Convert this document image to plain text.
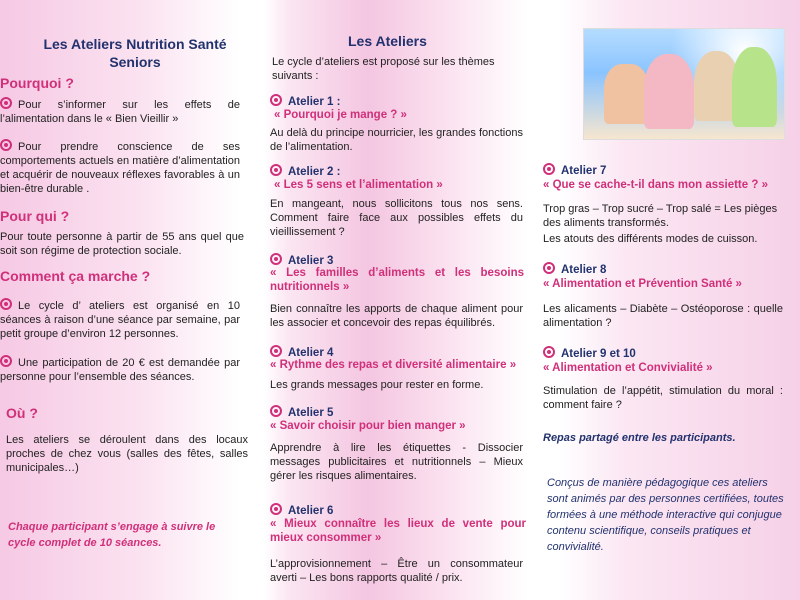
Les Ateliers Nutrition Santé
Seniors
Pourquoi ?
Pour s’informer sur les effets de l’alimentation dans le « Bien Vieillir »
Pour prendre conscience de ses comportements actuels en matière d’alimentation et acquérir de nouveaux réflexes favorables à un bien-être durable .
Pour qui ?
Pour toute personne à partir de 55 ans quel que soit son régime de protection sociale.
Comment ça marche ?
Le cycle d’ ateliers est organisé en 10 séances à raison d’une séance par semaine, par petit groupe d’environ 12 personnes.
Une participation de 20 € est demandée par personne pour l’ensemble des séances.
Où ?
Les ateliers se déroulent dans des locaux proches de chez vous (salles des fêtes, salles municipales…)
Chaque participant s’engage à suivre le cycle complet de 10 séances.
Les Ateliers
Le cycle d’ateliers est proposé sur les thèmes suivants :
Atelier 1 :
« Pourquoi je mange ? »
Au delà du principe nourricier, les grandes fonctions de l’alimentation.
Atelier 2 :
« Les 5 sens et l’alimentation »
En mangeant, nous sollicitons tous nos sens. Comment faire face aux possibles effets du vieillissement ?
Atelier 3
« Les familles d’aliments et les besoins nutritionnels »
Bien connaître les apports de chaque aliment pour les associer et concevoir des repas équilibrés.
Atelier 4
« Rythme des repas et diversité alimentaire »
Les grands messages pour rester en forme.
Atelier 5
« Savoir choisir pour bien manger »
Apprendre à lire les étiquettes - Dissocier messages publicitaires et nutritionnels – Mieux gérer les risques alimentaires.
Atelier 6
« Mieux connaître les lieux de vente pour mieux consommer »
L’approvisionnement – Être un consommateur averti – Les bons rapports qualité / prix.
Atelier 7
« Que se cache-t-il dans mon assiette ? »
Trop gras – Trop sucré – Trop salé = Les pièges des aliments transformés.
Les atouts des différents modes de cuisson.
Atelier 8
« Alimentation et Prévention Santé »
Les alicaments – Diabète – Ostéoporose : quelle alimentation ?
Atelier 9 et 10
« Alimentation et Convivialité »
Stimulation de l’appétit, stimulation du moral : comment faire ?
Repas partagé entre les participants.
Conçus de manière pédagogique ces ateliers sont animés par des personnes certifiées, toutes formées à une méthode interactive qui conjugue contenu scientifique, conseils pratiques et convivialité.
